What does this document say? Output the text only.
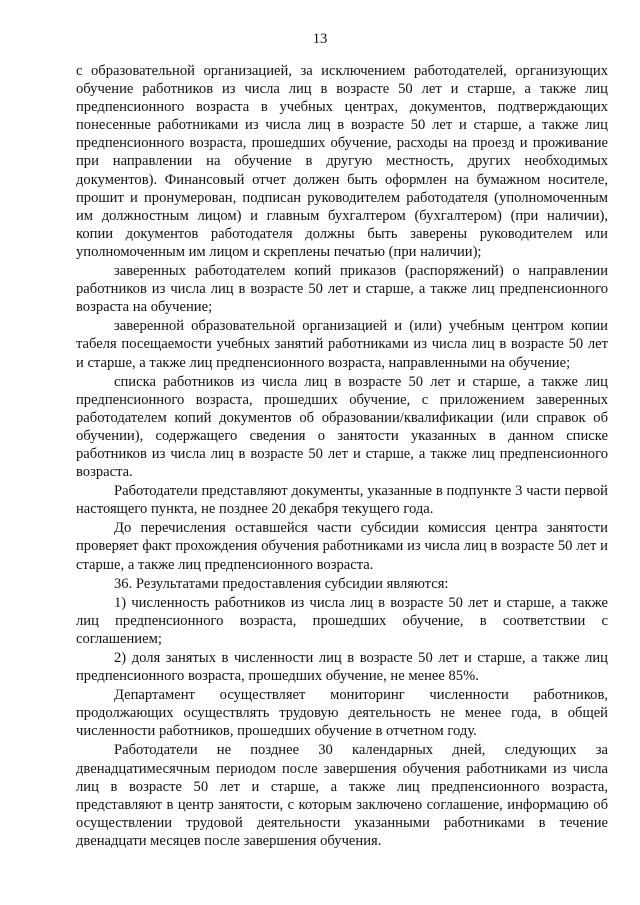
13

с образовательной организацией, за исключением работодателей, организующих обучение работников из числа лиц в возрасте 50 лет и старше, а также лиц предпенсионного возраста в учебных центрах, документов, подтверждающих понесенные работниками из числа лиц в возрасте 50 лет и старше, а также лиц предпенсионного возраста, прошедших обучение, расходы на проезд и проживание при направлении на обучение в другую местность, других необходимых документов). Финансовый отчет должен быть оформлен на бумажном носителе, прошит и пронумерован, подписан руководителем работодателя (уполномоченным им должностным лицом) и главным бухгалтером (бухгалтером) (при наличии), копии документов работодателя должны быть заверены руководителем или уполномоченным им лицом и скреплены печатью (при наличии);

заверенных работодателем копий приказов (распоряжений) о направлении работников из числа лиц в возрасте 50 лет и старше, а также лиц предпенсионного возраста на обучение;

заверенной образовательной организацией и (или) учебным центром копии табеля посещаемости учебных занятий работниками из числа лиц в возрасте 50 лет и старше, а также лиц предпенсионного возраста, направленными на обучение;

списка работников из числа лиц в возрасте 50 лет и старше, а также лиц предпенсионного возраста, прошедших обучение, с приложением заверенных работодателем копий документов об образовании/квалификации (или справок об обучении), содержащего сведения о занятости указанных в данном списке работников из числа лиц в возрасте 50 лет и старше, а также лиц предпенсионного возраста.

Работодатели представляют документы, указанные в подпункте 3 части первой настоящего пункта, не позднее 20 декабря текущего года.

До перечисления оставшейся части субсидии комиссия центра занятости проверяет факт прохождения обучения работниками из числа лиц в возрасте 50 лет и старше, а также лиц предпенсионного возраста.

36. Результатами предоставления субсидии являются:

1) численность работников из числа лиц в возрасте 50 лет и старше, а также лиц предпенсионного возраста, прошедших обучение, в соответствии с соглашением;

2) доля занятых в численности лиц в возрасте 50 лет и старше, а также лиц предпенсионного возраста, прошедших обучение, не менее 85%.

Департамент осуществляет мониторинг численности работников, продолжающих осуществлять трудовую деятельность не менее года, в общей численности работников, прошедших обучение в отчетном году.

Работодатели не позднее 30 календарных дней, следующих за двенадцатимесячным периодом после завершения обучения работниками из числа лиц в возрасте 50 лет и старше, а также лиц предпенсионного возраста, представляют в центр занятости, с которым заключено соглашение, информацию об осуществлении трудовой деятельности указанными работниками в течение двенадцати месяцев после завершения обучения.
